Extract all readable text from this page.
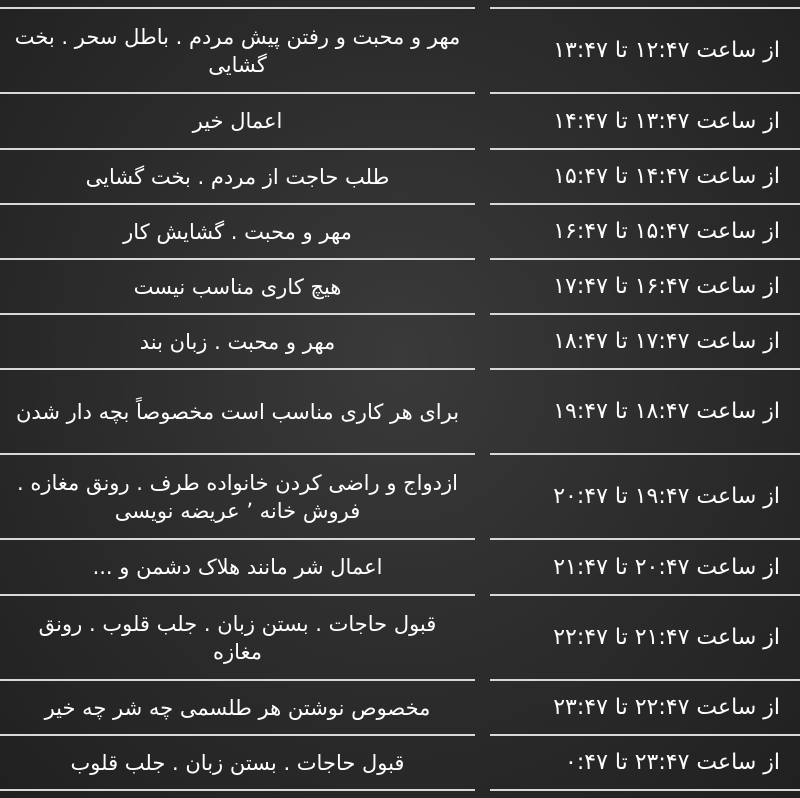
از ساعت ۱۲:۴۷ تا ۱۳:۴۷
مهر و محبت و رفتن پیش مردم . باطل سحر . بخت گشایی
از ساعت ۱۳:۴۷ تا ۱۴:۴۷
اعمال خیر
از ساعت ۱۴:۴۷ تا ۱۵:۴۷
طلب حاجت از مردم . بخت گشایی
از ساعت ۱۵:۴۷ تا ۱۶:۴۷
مهر و محبت . گشایش کار
از ساعت ۱۶:۴۷ تا ۱۷:۴۷
هیچ کاری مناسب نیست
از ساعت ۱۷:۴۷ تا ۱۸:۴۷
مهر و محبت . زبان بند
از ساعت ۱۸:۴۷ تا ۱۹:۴۷
برای هر کاری مناسب است مخصوصاً بچه دار شدن
از ساعت ۱۹:۴۷ تا ۲۰:۴۷
ازدواج و راضی کردن خانواده طرف . رونق مغازه . فروش خانه ٬ عریضه نویسی
از ساعت ۲۰:۴۷ تا ۲۱:۴۷
اعمال شر مانند هلاک دشمن و ...
از ساعت ۲۱:۴۷ تا ۲۲:۴۷
قبول حاجات . بستن زبان . جلب قلوب . رونق مغازه
از ساعت ۲۲:۴۷ تا ۲۳:۴۷
مخصوص نوشتن هر طلسمی چه شر چه خیر
از ساعت ۲۳:۴۷ تا ۰:۴۷
قبول حاجات . بستن زبان . جلب قلوب
